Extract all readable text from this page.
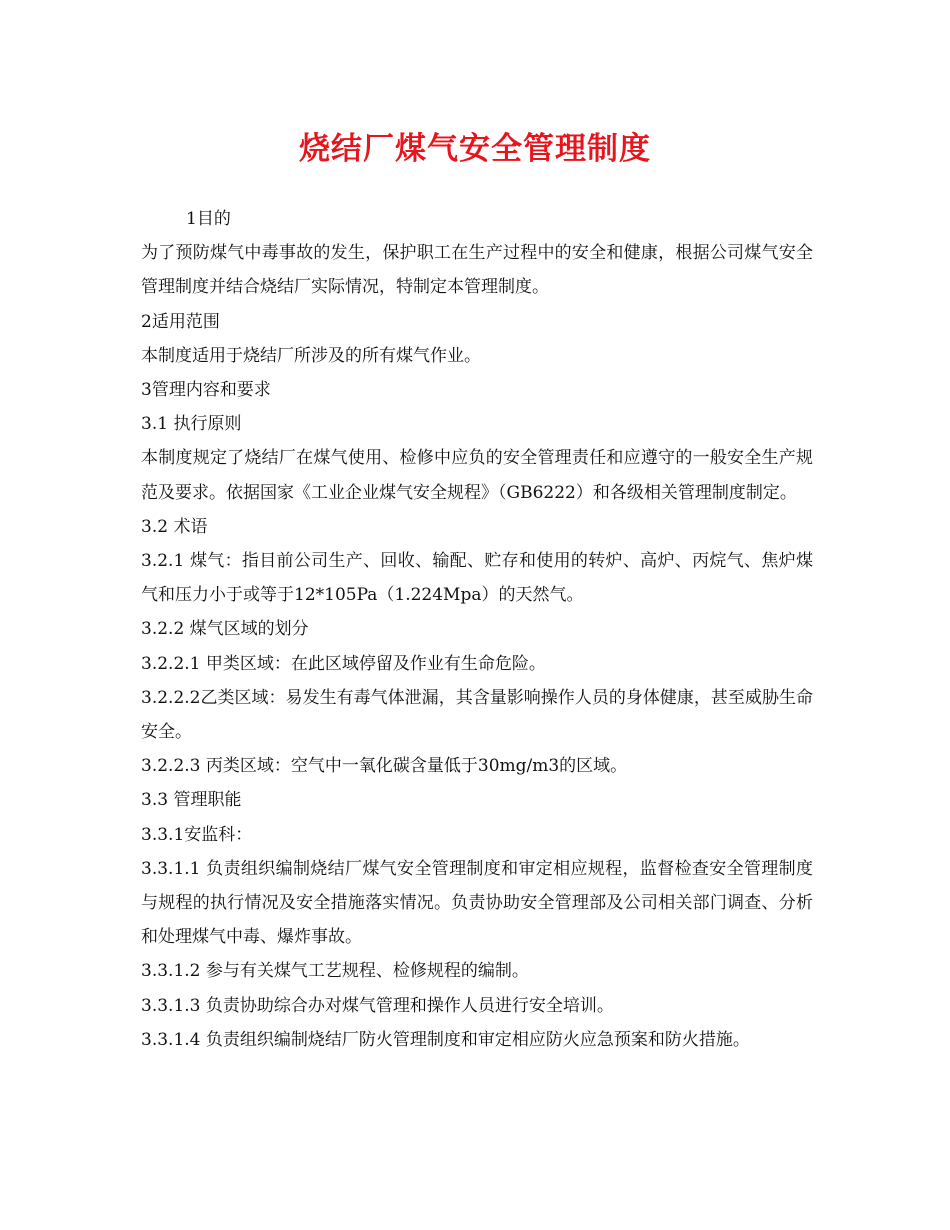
烧结厂煤气安全管理制度

1目的

为了预防煤气中毒事故的发生，保护职工在生产过程中的安全和健康，根据公司煤气安全管理制度并结合烧结厂实际情况，特制定本管理制度。

2适用范围

本制度适用于烧结厂所涉及的所有煤气作业。

3管理内容和要求

3.1 执行原则

本制度规定了烧结厂在煤气使用、检修中应负的安全管理责任和应遵守的一般安全生产规范及要求。依据国家《工业企业煤气安全规程》（GB6222）和各级相关管理制度制定。

3.2 术语

3.2.1 煤气：指目前公司生产、回收、输配、贮存和使用的转炉、高炉、丙烷气、焦炉煤气和压力小于或等于12*105Pa（1.224Mpa）的天然气。

3.2.2 煤气区域的划分

3.2.2.1 甲类区域：在此区域停留及作业有生命危险。

3.2.2.2乙类区域：易发生有毒气体泄漏，其含量影响操作人员的身体健康，甚至威胁生命安全。

3.2.2.3 丙类区域：空气中一氧化碳含量低于30mg/m3的区域。

3.3 管理职能

3.3.1安监科：

3.3.1.1 负责组织编制烧结厂煤气安全管理制度和审定相应规程，监督检查安全管理制度与规程的执行情况及安全措施落实情况。负责协助安全管理部及公司相关部门调查、分析和处理煤气中毒、爆炸事故。

3.3.1.2 参与有关煤气工艺规程、检修规程的编制。

3.3.1.3 负责协助综合办对煤气管理和操作人员进行安全培训。

3.3.1.4 负责组织编制烧结厂防火管理制度和审定相应防火应急预案和防火措施。
